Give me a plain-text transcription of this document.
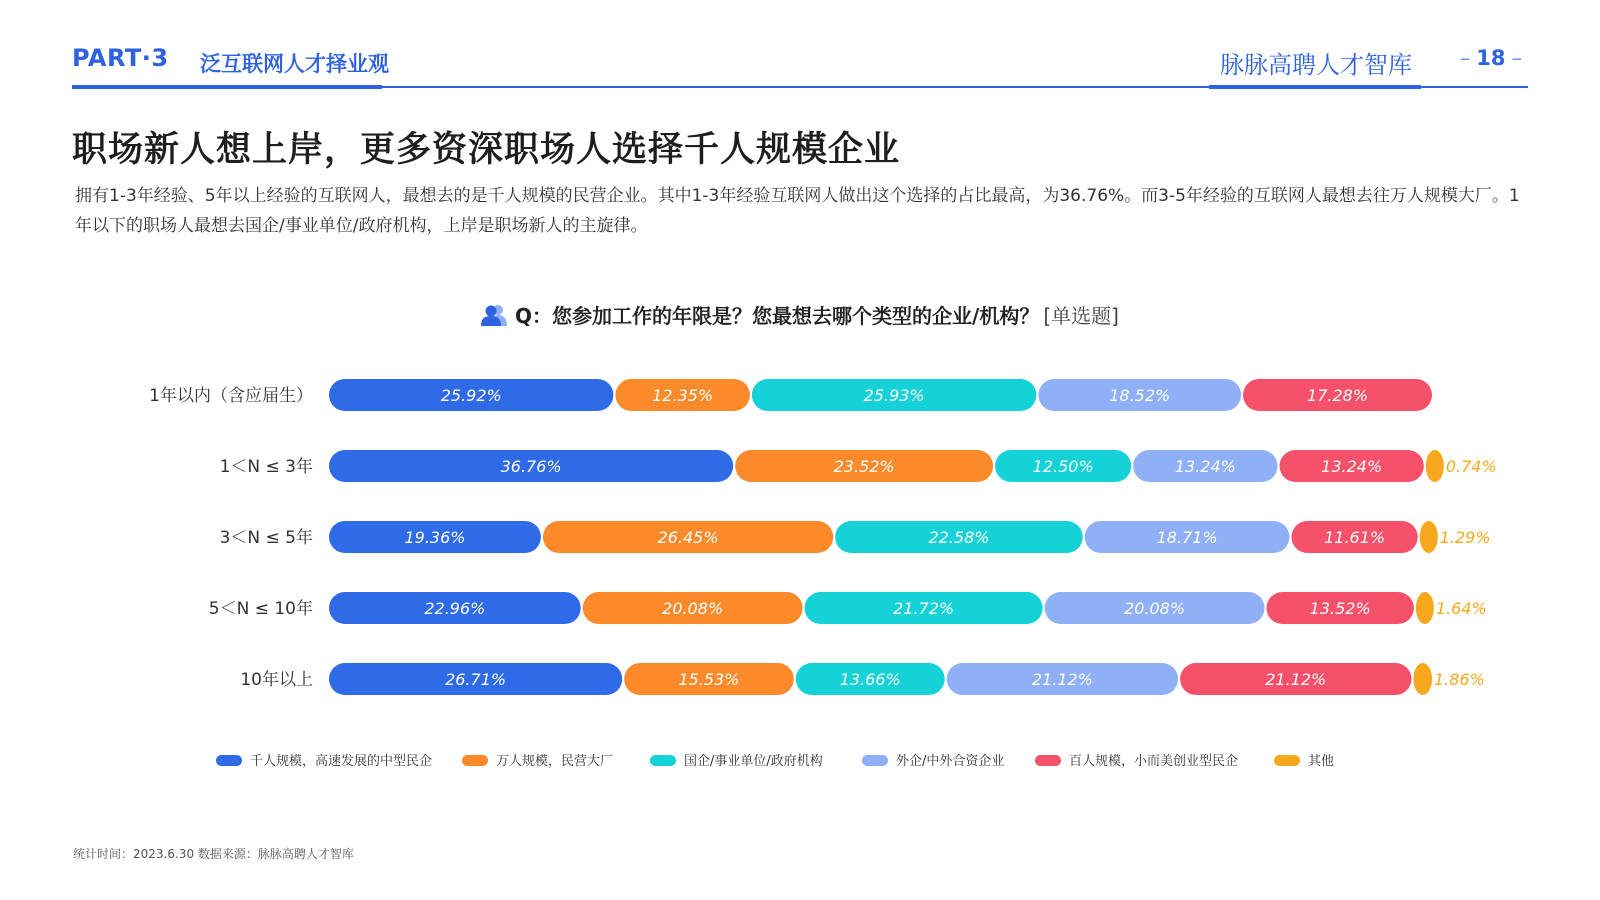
PART·3 泛互联网人才择业观	脉脉高聘人才智库 – 18 –
职场新人想上岸，更多资深职场人选择千人规模企业

拥有1-3年经验、5年以上经验的互联网人，最想去的是千人规模的民营企业。其中1-3年经验互联网人做出这个选择的占比最高，为36.76%。而3-5年经验的互联网人最想去往万人规模大厂。1年以下的职场人最想去国企/事业单位/政府机构，上岸是职场新人的主旋律。

Q：您参加工作的年限是？您最想去哪个类型的企业/机构？ [单选题]
1年以内（含应届生）	25.92%	12.35%	25.93%	18.52%	17.28%
1＜N ≤ 3年	36.76%	23.52%	12.50%	13.24%	13.24%	0.74%
3＜N ≤ 5年	19.36%	26.45%	22.58%	18.71%	11.61%	1.29%
5＜N ≤ 10年	22.96%	20.08%	21.72%	20.08%	13.52%	1.64%
10年以上	26.71%	15.53%	13.66%	21.12%	21.12%	1.86%
千人规模，高速发展的中型民企	万人规模，民营大厂	国企/事业单位/政府机构	外企/中外合资企业	百人规模，小而美创业型民企	其他
统计时间：2023.6.30 数据来源：脉脉高聘人才智库
